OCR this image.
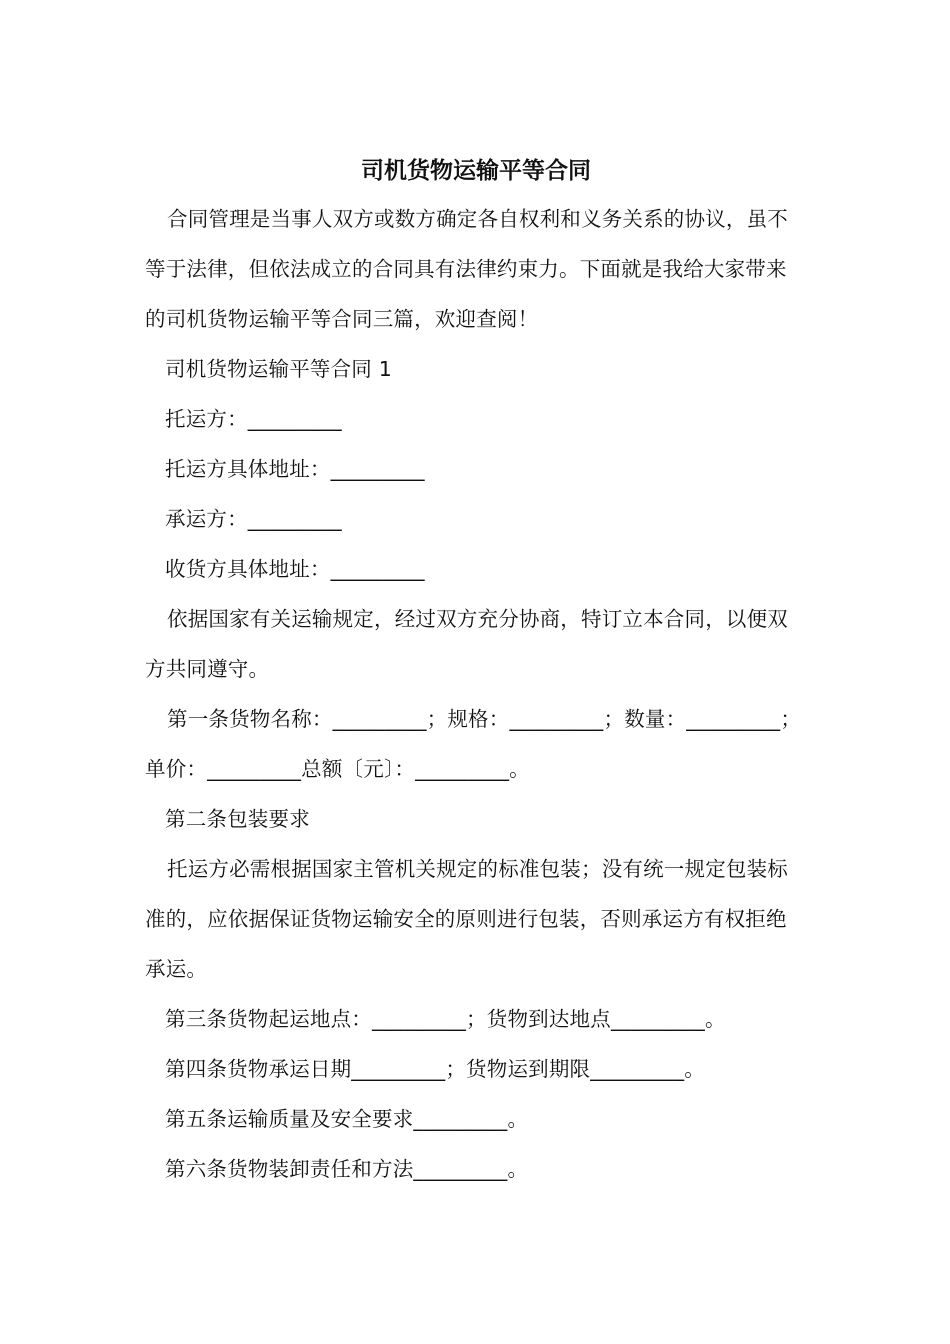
司机货物运输平等合同

合同管理是当事人双方或数方确定各自权利和义务关系的协议，虽不等于法律，但依法成立的合同具有法律约束力。下面就是我给大家带来的司机货物运输平等合同三篇，欢迎查阅！

司机货物运输平等合同 1

托运方：_________

托运方具体地址：_________

承运方：_________

收货方具体地址：_________

依据国家有关运输规定，经过双方充分协商，特订立本合同，以便双方共同遵守。

第一条货物名称：_________；规格：_________；数量：_________；单价：_________总额〔元〕：_________。

第二条包装要求

托运方必需根据国家主管机关规定的标准包装；没有统一规定包装标准的，应依据保证货物运输安全的原则进行包装，否则承运方有权拒绝承运。

第三条货物起运地点：_________；货物到达地点_________。

第四条货物承运日期_________；货物运到期限_________。

第五条运输质量及安全要求_________。

第六条货物装卸责任和方法_________。
